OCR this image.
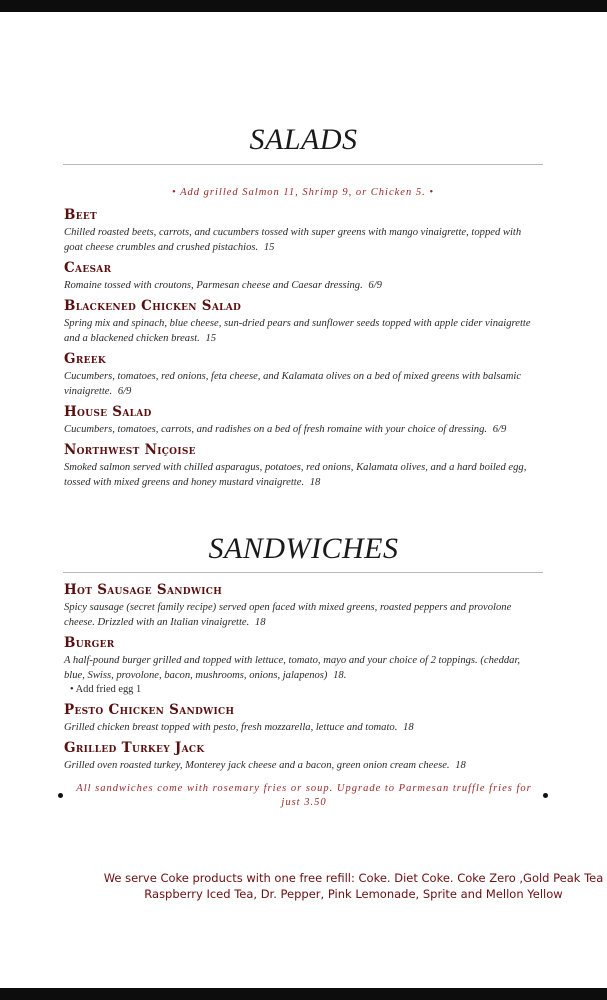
SALADS
• Add grilled Salmon 11, Shrimp 9, or Chicken 5. •
Beet
Chilled roasted beets, carrots, and cucumbers tossed with super greens with mango vinaigrette, topped with goat cheese crumbles and crushed pistachios. 15
Caesar
Romaine tossed with croutons, Parmesan cheese and Caesar dressing. 6/9
Blackened Chicken Salad
Spring mix and spinach, blue cheese, sun-dried pears and sunflower seeds topped with apple cider vinaigrette and a blackened chicken breast. 15
Greek
Cucumbers, tomatoes, red onions, feta cheese, and Kalamata olives on a bed of mixed greens with balsamic vinaigrette. 6/9
House Salad
Cucumbers, tomatoes, carrots, and radishes on a bed of fresh romaine with your choice of dressing. 6/9
Northwest Niçoise
Smoked salmon served with chilled asparagus, potatoes, red onions, Kalamata olives, and a hard boiled egg, tossed with mixed greens and honey mustard vinaigrette. 18
SANDWICHES
Hot Sausage Sandwich
Spicy sausage (secret family recipe) served open faced with mixed greens, roasted peppers and provolone cheese. Drizzled with an Italian vinaigrette. 18
Burger
A half-pound burger grilled and topped with lettuce, tomato, mayo and your choice of 2 toppings. (cheddar, blue, Swiss, provolone, bacon, mushrooms, onions, jalapenos) 18.
• Add fried egg 1
Pesto Chicken Sandwich
Grilled chicken breast topped with pesto, fresh mozzarella, lettuce and tomato. 18
Grilled Turkey Jack
Grilled oven roasted turkey, Monterey jack cheese and a bacon, green onion cream cheese. 18
All sandwiches come with rosemary fries or soup. Upgrade to Parmesan truffle fries for just 3.50
We serve Coke products with one free refill: Coke. Diet Coke. Coke Zero ,Gold Peak Tea
Raspberry Iced Tea, Dr. Pepper, Pink Lemonade, Sprite and Mellon Yellow
